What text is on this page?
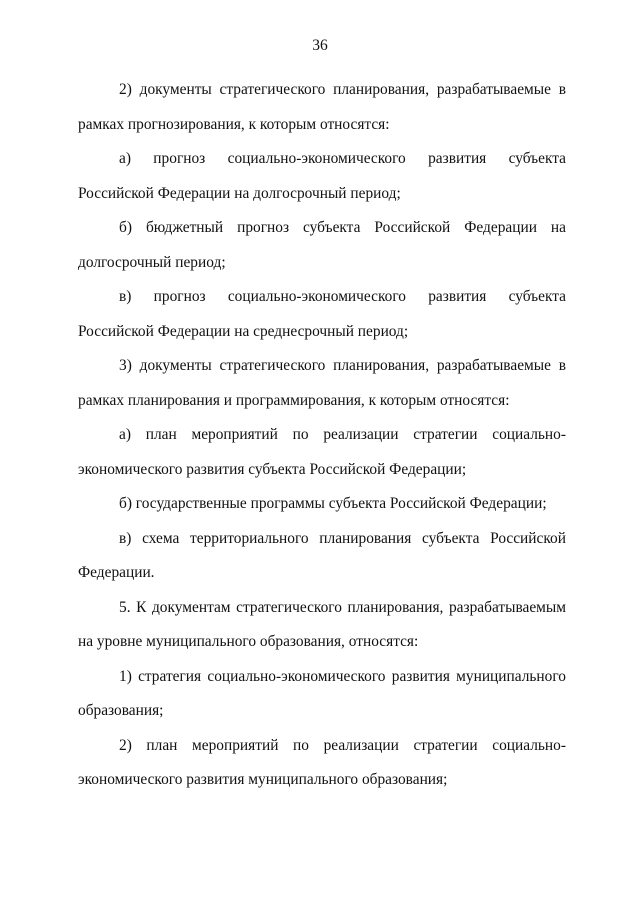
36

2) документы стратегического планирования, разрабатываемые в рамках прогнозирования, к которым относятся:

а) прогноз социально-экономического развития субъекта Российской Федерации на долгосрочный период;

б) бюджетный прогноз субъекта Российской Федерации на долгосрочный период;

в) прогноз социально-экономического развития субъекта Российской Федерации на среднесрочный период;

3) документы стратегического планирования, разрабатываемые в рамках планирования и программирования, к которым относятся:

а) план мероприятий по реализации стратегии социально-экономического развития субъекта Российской Федерации;

б) государственные программы субъекта Российской Федерации;

в) схема территориального планирования субъекта Российской Федерации.

5. К документам стратегического планирования, разрабатываемым на уровне муниципального образования, относятся:

1) стратегия социально-экономического развития муниципального образования;

2) план мероприятий по реализации стратегии социально-экономического развития муниципального образования;
